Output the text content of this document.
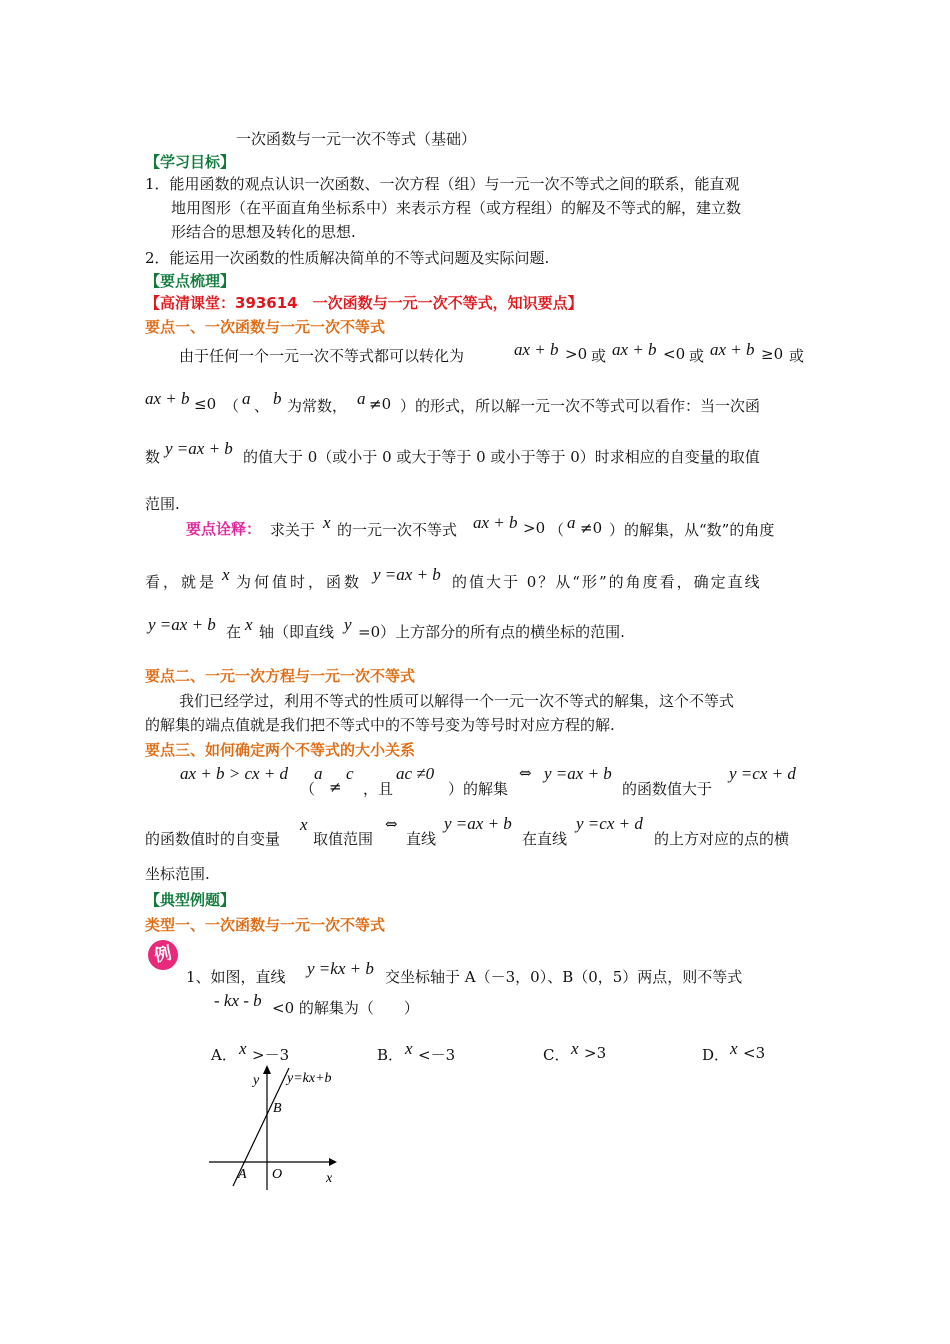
一次函数与一元一次不等式（基础）
【学习目标】
1．能用函数的观点认识一次函数、一次方程（组）与一元一次不等式之间的联系，能直观
地用图形（在平面直角坐标系中）来表示方程（或方程组）的解及不等式的解，建立数
形结合的思想及转化的思想.
2．能运用一次函数的性质解决简单的不等式问题及实际问题.
【要点梳理】
【高清课堂：393614　一次函数与一元一次不等式，知识要点】
要点一、一次函数与一元一次不等式
由于任何一个一元一次不等式都可以转化为	ax + b >0 或 ax + b <0 或 ax + b ≥0 或
ax + b ≤0 （ a 、 b 为常数， a ≠0 ）的形式，所以解一元一次不等式可以看作：当一次函
数 y =ax + b 的值大于 0（或小于 0 或大于等于 0 或小于等于 0）时求相应的自变量的取值
范围.
要点诠释： 求关于 x 的一元一次不等式 ax + b >0 （ a ≠0 ）的解集，从“数”的角度
看，就是 x 为何值时，函数 y =ax + b 的值大于 0？从“形”的角度看，确定直线
y =ax + b 在 x 轴（即直线 y =0）上方部分的所有点的横坐标的范围.
要点二、一元一次方程与一元一次不等式
我们已经学过，利用不等式的性质可以解得一个一元一次不等式的解集，这个不等式
的解集的端点值就是我们把不等式中的不等号变为等号时对应方程的解.
要点三、如何确定两个不等式的大小关系
ax + b > cx + d
（
a
≠
c
，且
ac ≠0
）的解集
⇔ y =ax + b
的函数值大于
y =cx + d
的函数值时的自变量
x
取值范围
⇔
直线
y =ax + b
在直线
y =cx + d
的上方对应的点的横
坐标范围.
【典型例题】
类型一、一次函数与一元一次不等式
例
1、如图，直线 y =kx + b 交坐标轴于 A（－3，0）、B（0，5）两点，则不等式
- kx - b <0 的解集为（　　）
A． x >－3	B． x <－3	C． x >3	D． x <3
y y=kx+b
B
A O	x
